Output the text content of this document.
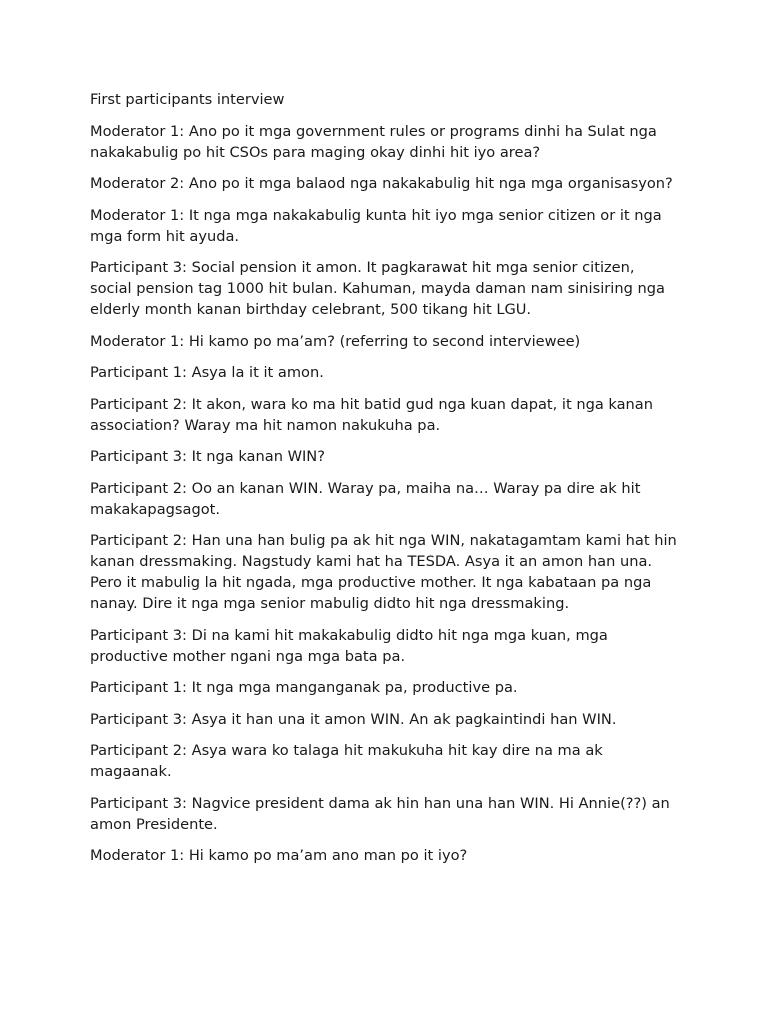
First participants interview

Moderator 1: Ano po it mga government rules or programs dinhi ha Sulat nga nakakabulig po hit CSOs para maging okay dinhi hit iyo area?

Moderator 2: Ano po it mga balaod nga nakakabulig hit nga mga organisasyon?

Moderator 1: It nga mga nakakabulig kunta hit iyo mga senior citizen or it nga mga form hit ayuda.

Participant 3: Social pension it amon. It pagkarawat hit mga senior citizen, social pension tag 1000 hit bulan. Kahuman, mayda daman nam sinisiring nga elderly month kanan birthday celebrant, 500 tikang hit LGU.

Moderator 1: Hi kamo po ma’am? (referring to second interviewee)

Participant 1: Asya la it it amon.

Participant 2: It akon, wara ko ma hit batid gud nga kuan dapat, it nga kanan association? Waray ma hit namon nakukuha pa.

Participant 3: It nga kanan WIN?

Participant 2: Oo an kanan WIN. Waray pa, maiha na… Waray pa dire ak hit makakapagsagot.

Participant 2: Han una han bulig pa ak hit nga WIN, nakatagamtam kami hat hin kanan dressmaking. Nagstudy kami hat ha TESDA. Asya it an amon han una. Pero it mabulig la hit ngada, mga productive mother. It nga kabataan pa nga nanay. Dire it nga mga senior mabulig didto hit nga dressmaking.

Participant 3: Di na kami hit makakabulig didto hit nga mga kuan, mga productive mother ngani nga mga bata pa.

Participant 1: It nga mga manganganak pa, productive pa.

Participant 3: Asya it han una it amon WIN. An ak pagkaintindi han WIN.

Participant 2: Asya wara ko talaga hit makukuha hit kay dire na ma ak magaanak.

Participant 3: Nagvice president dama ak hin han una han WIN. Hi Annie(??) an amon Presidente.

Moderator 1: Hi kamo po ma’am ano man po it iyo?
